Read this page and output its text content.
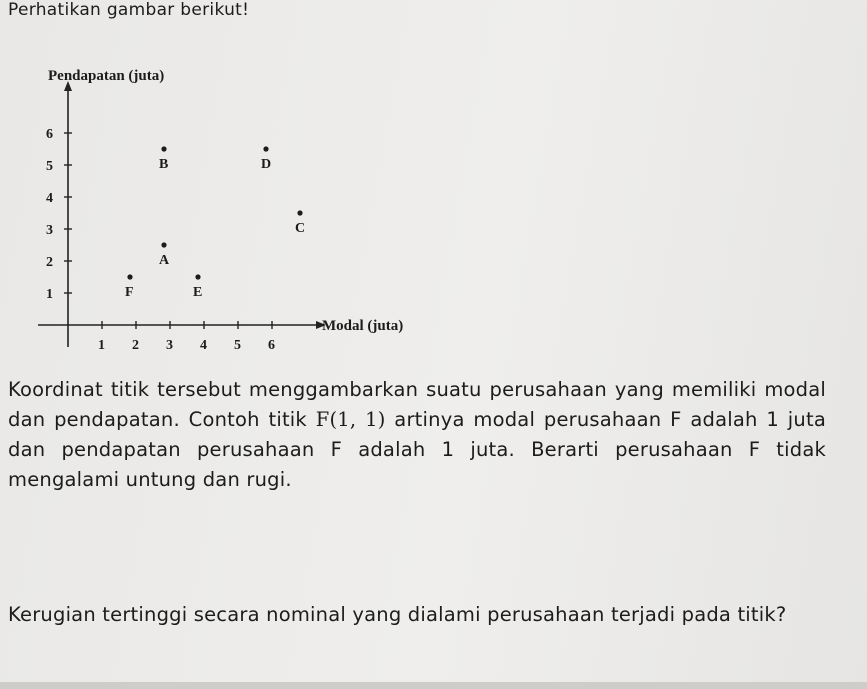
Perhatikan gambar berikut!
1 2 3 4 5 6
1
2
3
4
5
6
F
A
E
B	D
C
Pendapatan (juta)
Modal (juta)
Koordinat titik tersebut menggambarkan suatu perusahaan yang memiliki modal dan pendapatan. Contoh titik F(1, 1) artinya modal perusahaan F adalah 1 juta dan pendapatan perusahaan F adalah 1 juta. Berarti perusahaan F tidak mengalami untung dan rugi.
Kerugian tertinggi secara nominal yang dialami perusahaan terjadi pada titik?
